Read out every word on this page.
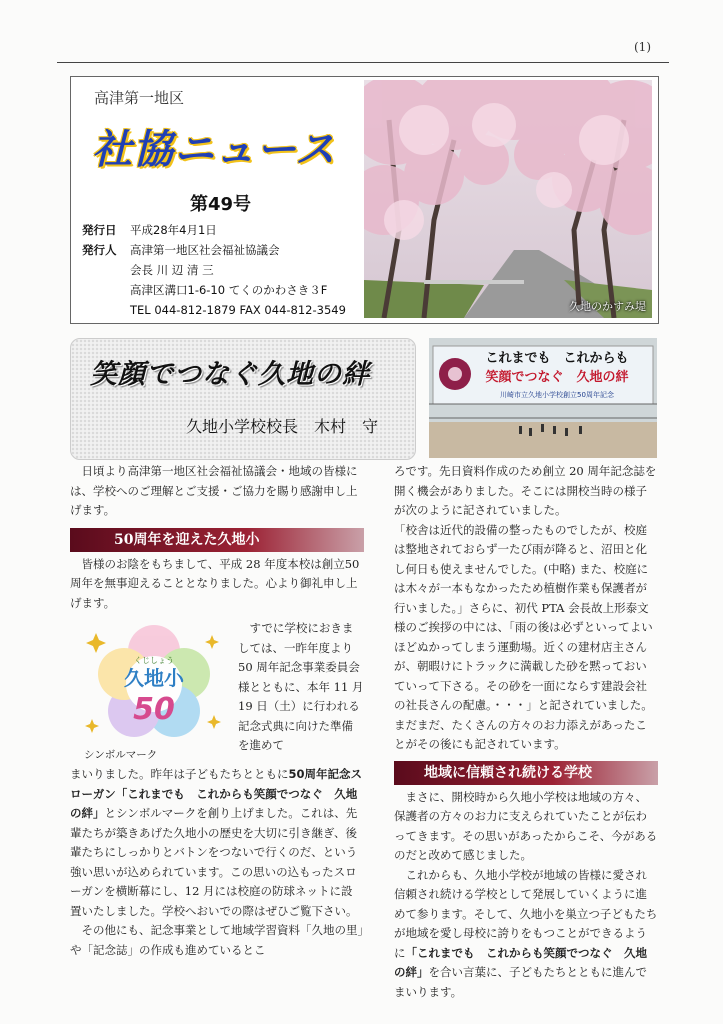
(1)
高津第一地区
社協ニュース
第49号
発行日	平成28年4月1日
発行人	高津第一地区社会福祉協議会
会長 川 辺 清 三
高津区溝口1-6-10 てくのかわさき３F
TEL 044-812-1879 FAX 044-812-3549	久地のかすみ堤
笑顔でつなぐ久地の絆
久地小学校校長　木村　守
これまでも　これからも
笑顔でつなぐ　久地の絆
川崎市立久地小学校創立50周年記念

日頃より高津第一地区社会福祉協議会・地域の皆様には、学校へのご理解とご支援・ご協力を賜り感謝申し上げます。

50周年を迎えた久地小

皆様のお陰をもちまして、平成 28 年度本校は創立50周年を無事迎えることとなりました。心より御礼申し上げます。

くじしょう
久地小
50
シンボルマーク
すでに学校におきましては、一昨年度より 50 周年記念事業委員会様とともに、本年 11 月 19 日（土）に行われる記念式典に向けた準備を進めて
まいりました。昨年は子どもたちとともに50周年記念スローガン「これまでも　これからも笑顔でつなぐ　久地の絆」とシンボルマークを創り上げました。これは、先輩たちが築きあげた久地小の歴史を大切に引き継ぎ、後輩たちにしっかりとバトンをつないで行くのだ、という強い思いが込められています。この思いの込もったスローガンを横断幕にし、12 月には校庭の防球ネットに設置いたしました。学校へおいでの際はぜひご覧下さい。

その他にも、記念事業として地域学習資料「久地の里」や「記念誌」の作成も進めているとこ

ろです。先日資料作成のため創立 20 周年記念誌を開く機会がありました。そこには開校当時の様子が次のように記されていました。
「校舎は近代的設備の整ったものでしたが、校庭は整地されておらず一たび雨が降ると、沼田と化し何日も使えませんでした。(中略) また、校庭には木々が一本もなかったため植樹作業も保護者が行いました。」さらに、初代 PTA 会長故上形泰文様のご挨拶の中には、「雨の後は必ずといってよいほどぬかってしまう運動場。近くの建材店主さんが、朝暇けにトラックに満載した砂を黙っておいていって下さる。その砂を一面にならす建設会社の社長さんの配慮。・・・」と記されていました。まだまだ、たくさんの方々のお力添えがあったことがその後にも記されています。
地域に信頼され続ける学校

まさに、開校時から久地小学校は地域の方々、保護者の方々のお力に支えられていたことが伝わってきます。その思いがあったからこそ、今があるのだと改めて感じました。

これからも、久地小学校が地域の皆様に愛され信頼され続ける学校として発展していくように進めて参ります。そして、久地小を巣立つ子どもたちが地域を愛し母校に誇りをもつことができるように「これまでも　これからも笑顔でつなぐ　久地の絆」を合い言葉に、子どもたちとともに進んでまいります。
